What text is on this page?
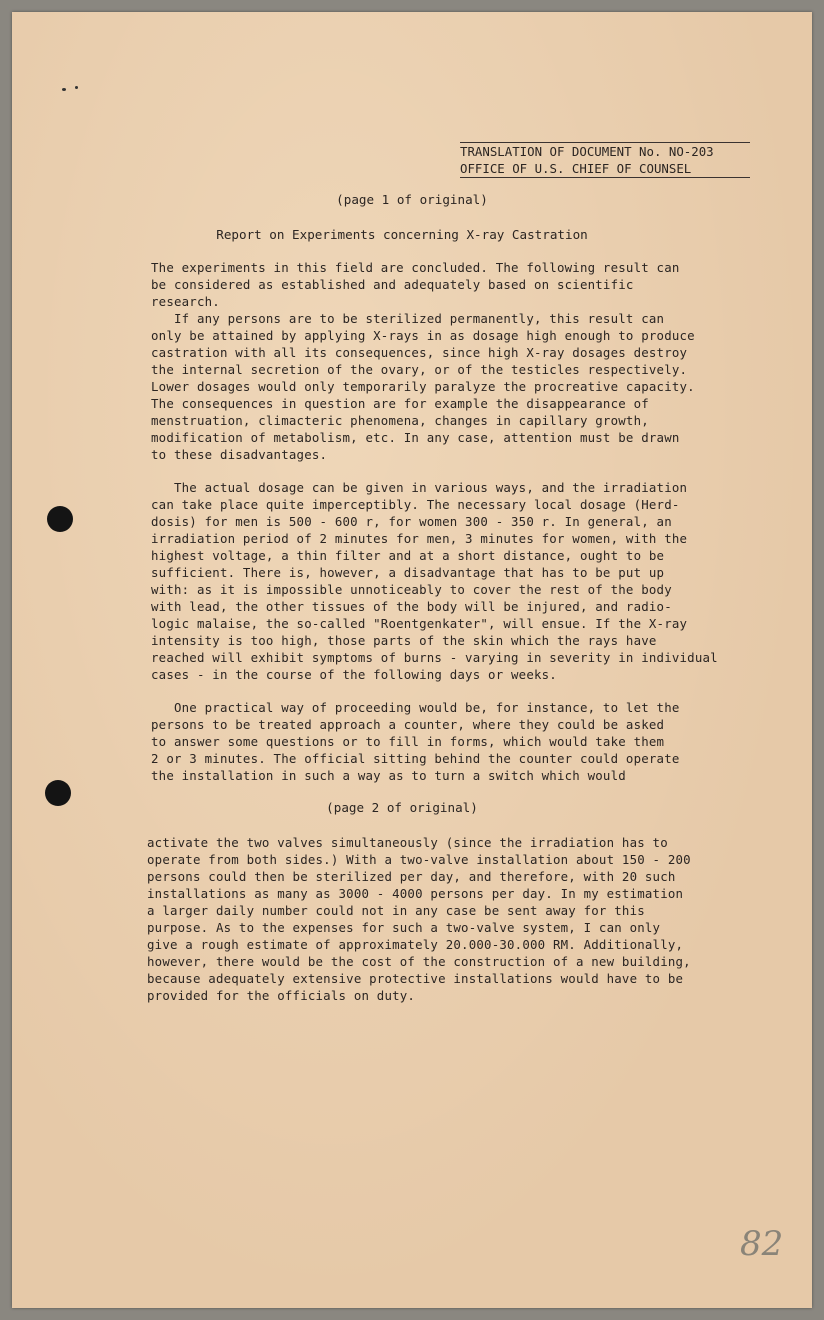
TRANSLATION OF DOCUMENT No. NO-203
OFFICE OF U.S. CHIEF OF COUNSEL
(page 1 of original)
Report on Experiments concerning X-ray Castration
The experiments in this field are concluded. The following result can
be considered as established and adequately based on scientific
research.
If any persons are to be sterilized permanently, this result can
only be attained by applying X-rays in as dosage high enough to produce
castration with all its consequences, since high X-ray dosages destroy
the internal secretion of the ovary, or of the testicles respectively.
Lower dosages would only temporarily paralyze the procreative capacity.
The consequences in question are for example the disappearance of
menstruation, climacteric phenomena, changes in capillary growth,
modification of metabolism, etc. In any case, attention must be drawn
to these disadvantages.
The actual dosage can be given in various ways, and the irradiation
can take place quite imperceptibly. The necessary local dosage (Herd-
dosis) for men is 500 - 600 r, for women 300 - 350 r. In general, an
irradiation period of 2 minutes for men, 3 minutes for women, with the
highest voltage, a thin filter and at a short distance, ought to be
sufficient. There is, however, a disadvantage that has to be put up
with: as it is impossible unnoticeably to cover the rest of the body
with lead, the other tissues of the body will be injured, and radio-
logic malaise, the so-called "Roentgenkater", will ensue. If the X-ray
intensity is too high, those parts of the skin which the rays have
reached will exhibit symptoms of burns - varying in severity in individual
cases - in the course of the following days or weeks.
One practical way of proceeding would be, for instance, to let the
persons to be treated approach a counter, where they could be asked
to answer some questions or to fill in forms, which would take them
2 or 3 minutes. The official sitting behind the counter could operate
the installation in such a way as to turn a switch which would
(page 2 of original)
activate the two valves simultaneously (since the irradiation has to
operate from both sides.) With a two-valve installation about 150 - 200
persons could then be sterilized per day, and therefore, with 20 such
installations as many as 3000 - 4000 persons per day. In my estimation
a larger daily number could not in any case be sent away for this
purpose. As to the expenses for such a two-valve system, I can only
give a rough estimate of approximately 20.000-30.000 RM. Additionally,
however, there would be the cost of the construction of a new building,
because adequately extensive protective installations would have to be
provided for the officials on duty.
82
